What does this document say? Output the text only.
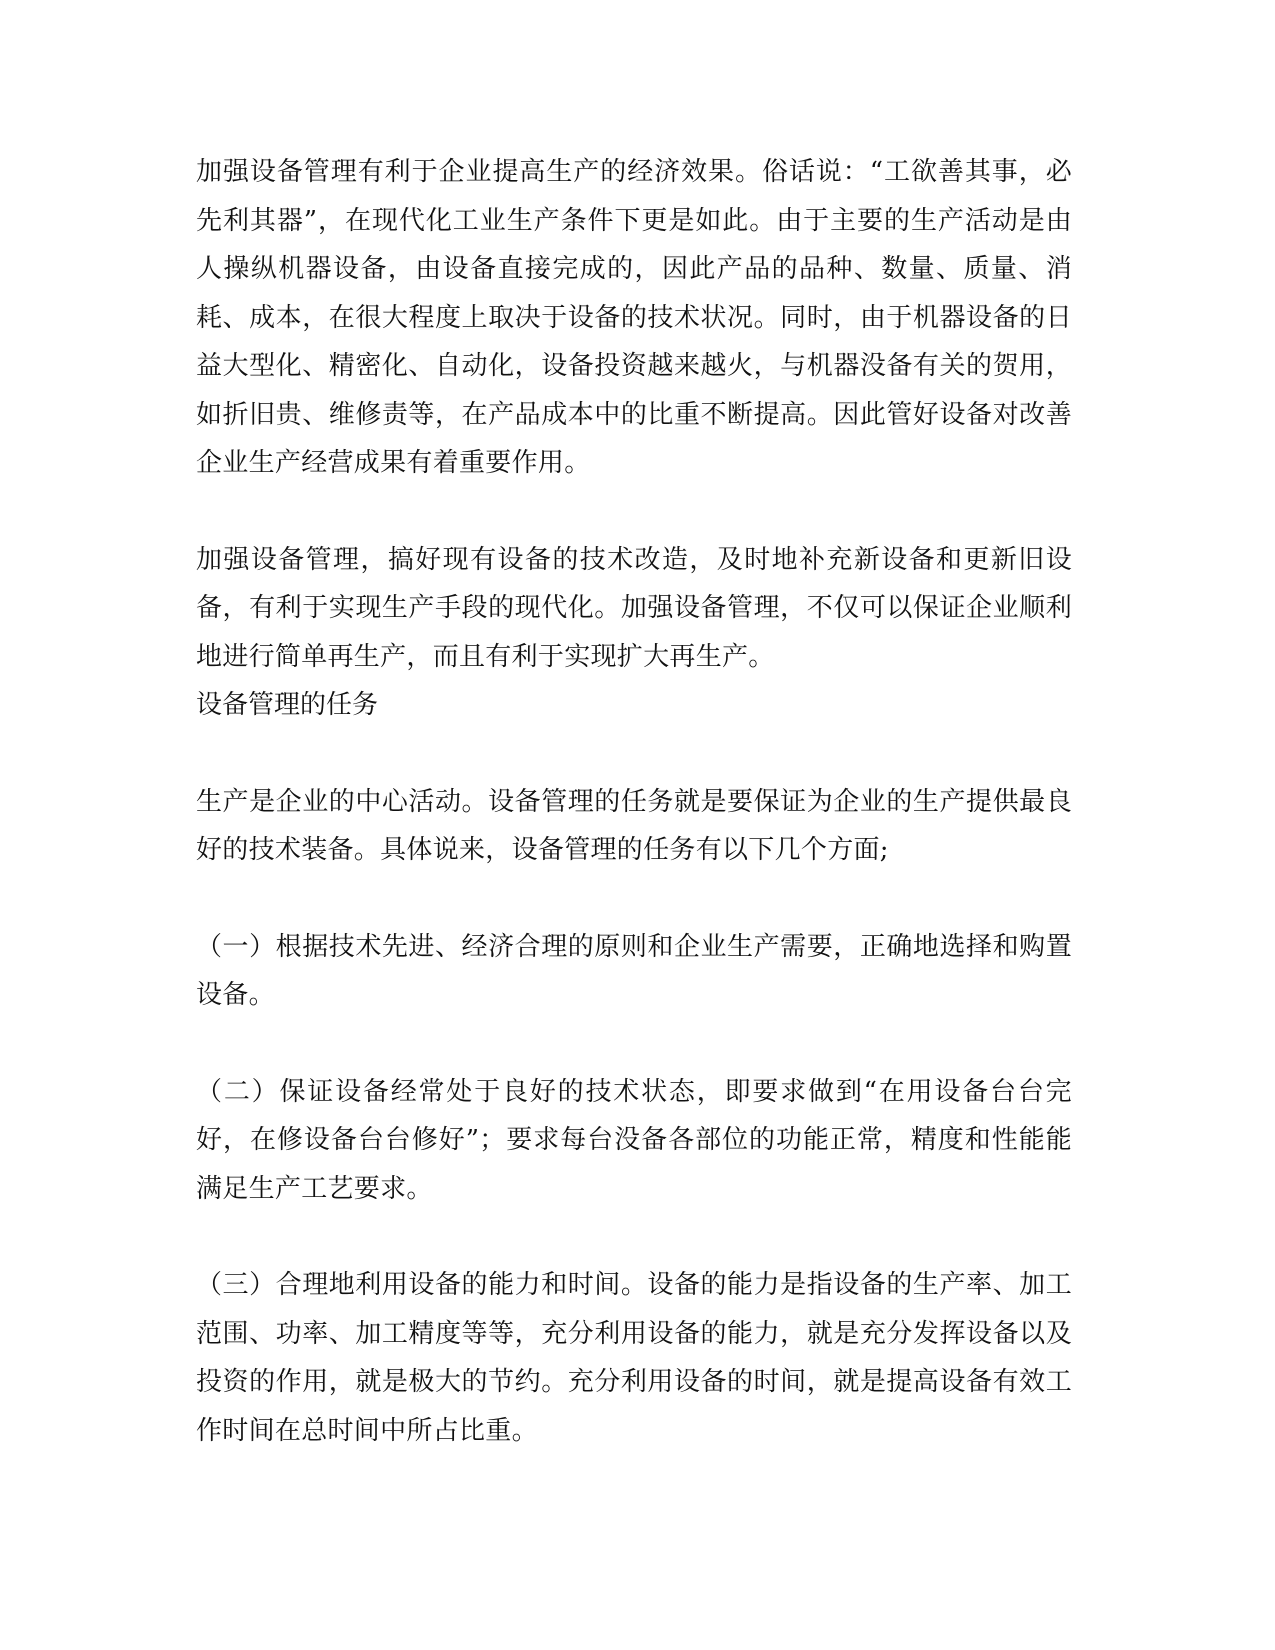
加强设备管理有利于企业提高生产的经济效果。俗话说：“工欲善其事，必先利其器”，在现代化工业生产条件下更是如此。由于主要的生产活动是由人操纵机器设备，由设备直接完成的，因此产品的品种、数量、质量、消耗、成本，在很大程度上取决于设备的技术状况。同时，由于机器设备的日益大型化、精密化、自动化，设备投资越来越火，与机器没备有关的贺用，如折旧贵、维修责等，在产品成本中的比重不断提高。因此管好设备对改善企业生产经营成果有着重要作用。

加强设备管理，搞好现有设备的技术改造，及时地补充新设备和更新旧设备，有利于实现生产手段的现代化。加强设备管理，不仅可以保证企业顺利地进行简单再生产，而且有利于实现扩大再生产。

设备管理的任务

生产是企业的中心活动。设备管理的任务就是要保证为企业的生产提供最良好的技术装备。具体说来，设备管理的任务有以下几个方面;

（一）根据技术先进、经济合理的原则和企业生产需要，正确地选择和购置设备。

（二）保证设备经常处于良好的技术状态，即要求做到“在用设备台台完好，在修设备台台修好”；要求每台没备各部位的功能正常，精度和性能能满足生产工艺要求。

（三）合理地利用设备的能力和时间。设备的能力是指设备的生产率、加工范围、功率、加工精度等等，充分利用设备的能力，就是充分发挥设备以及投资的作用，就是极大的节约。充分利用设备的时间，就是提高设备有效工作时间在总时间中所占比重。
